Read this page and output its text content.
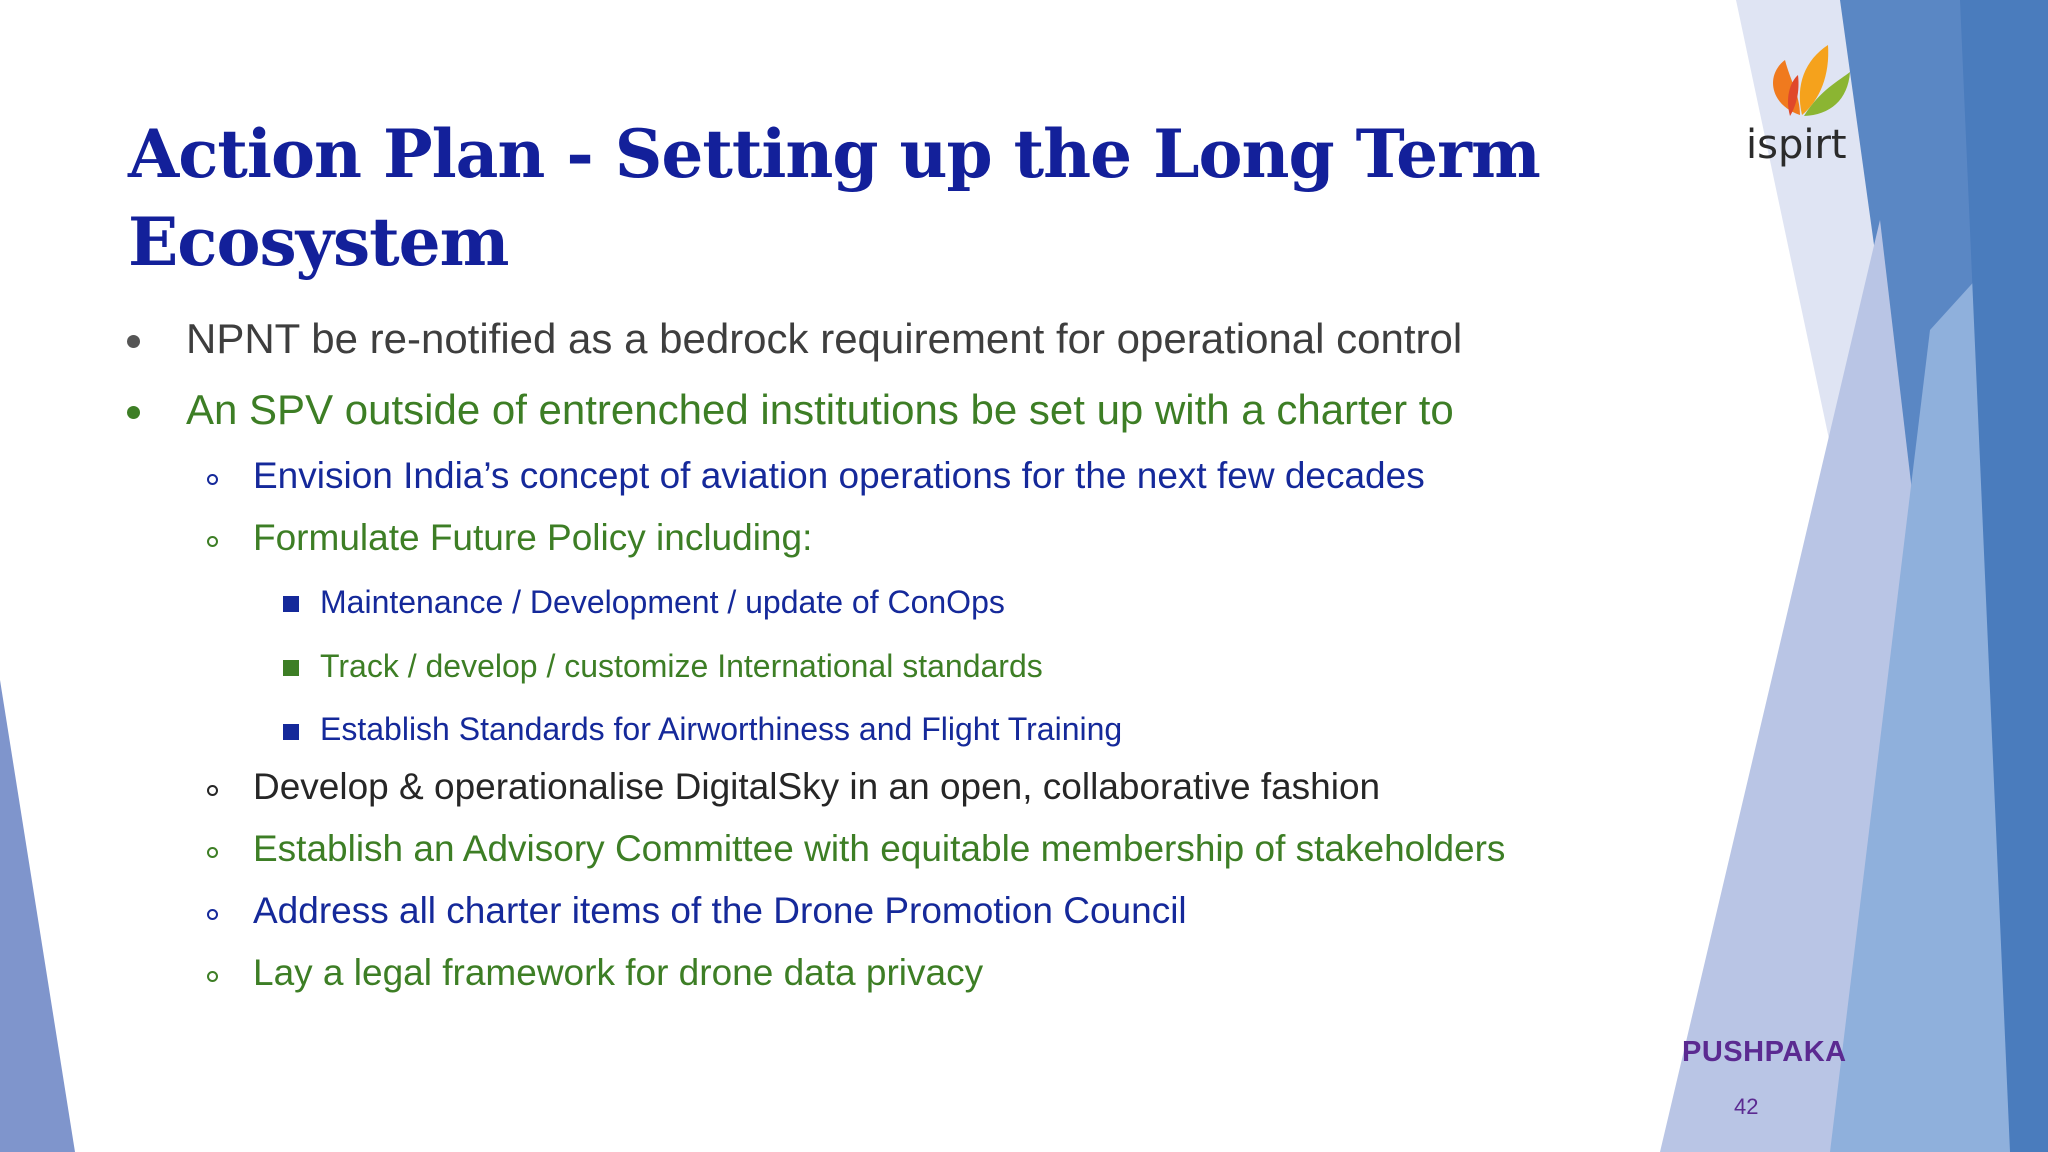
ispirt
Action Plan - Setting up the Long Term Ecosystem
NPNT be re-notified as a bedrock requirement for operational control
An SPV outside of entrenched institutions be set up with a charter to
Envision India’s concept of aviation operations for the next few decades
Formulate Future Policy including:
Maintenance / Development / update of ConOps
Track / develop / customize International standards
Establish Standards for Airworthiness and Flight Training
Develop & operationalise DigitalSky in an open, collaborative fashion
Establish an Advisory Committee with equitable membership of stakeholders
Address all charter items of the Drone Promotion Council
Lay a legal framework for drone data privacy
PUSHPAKA
42
